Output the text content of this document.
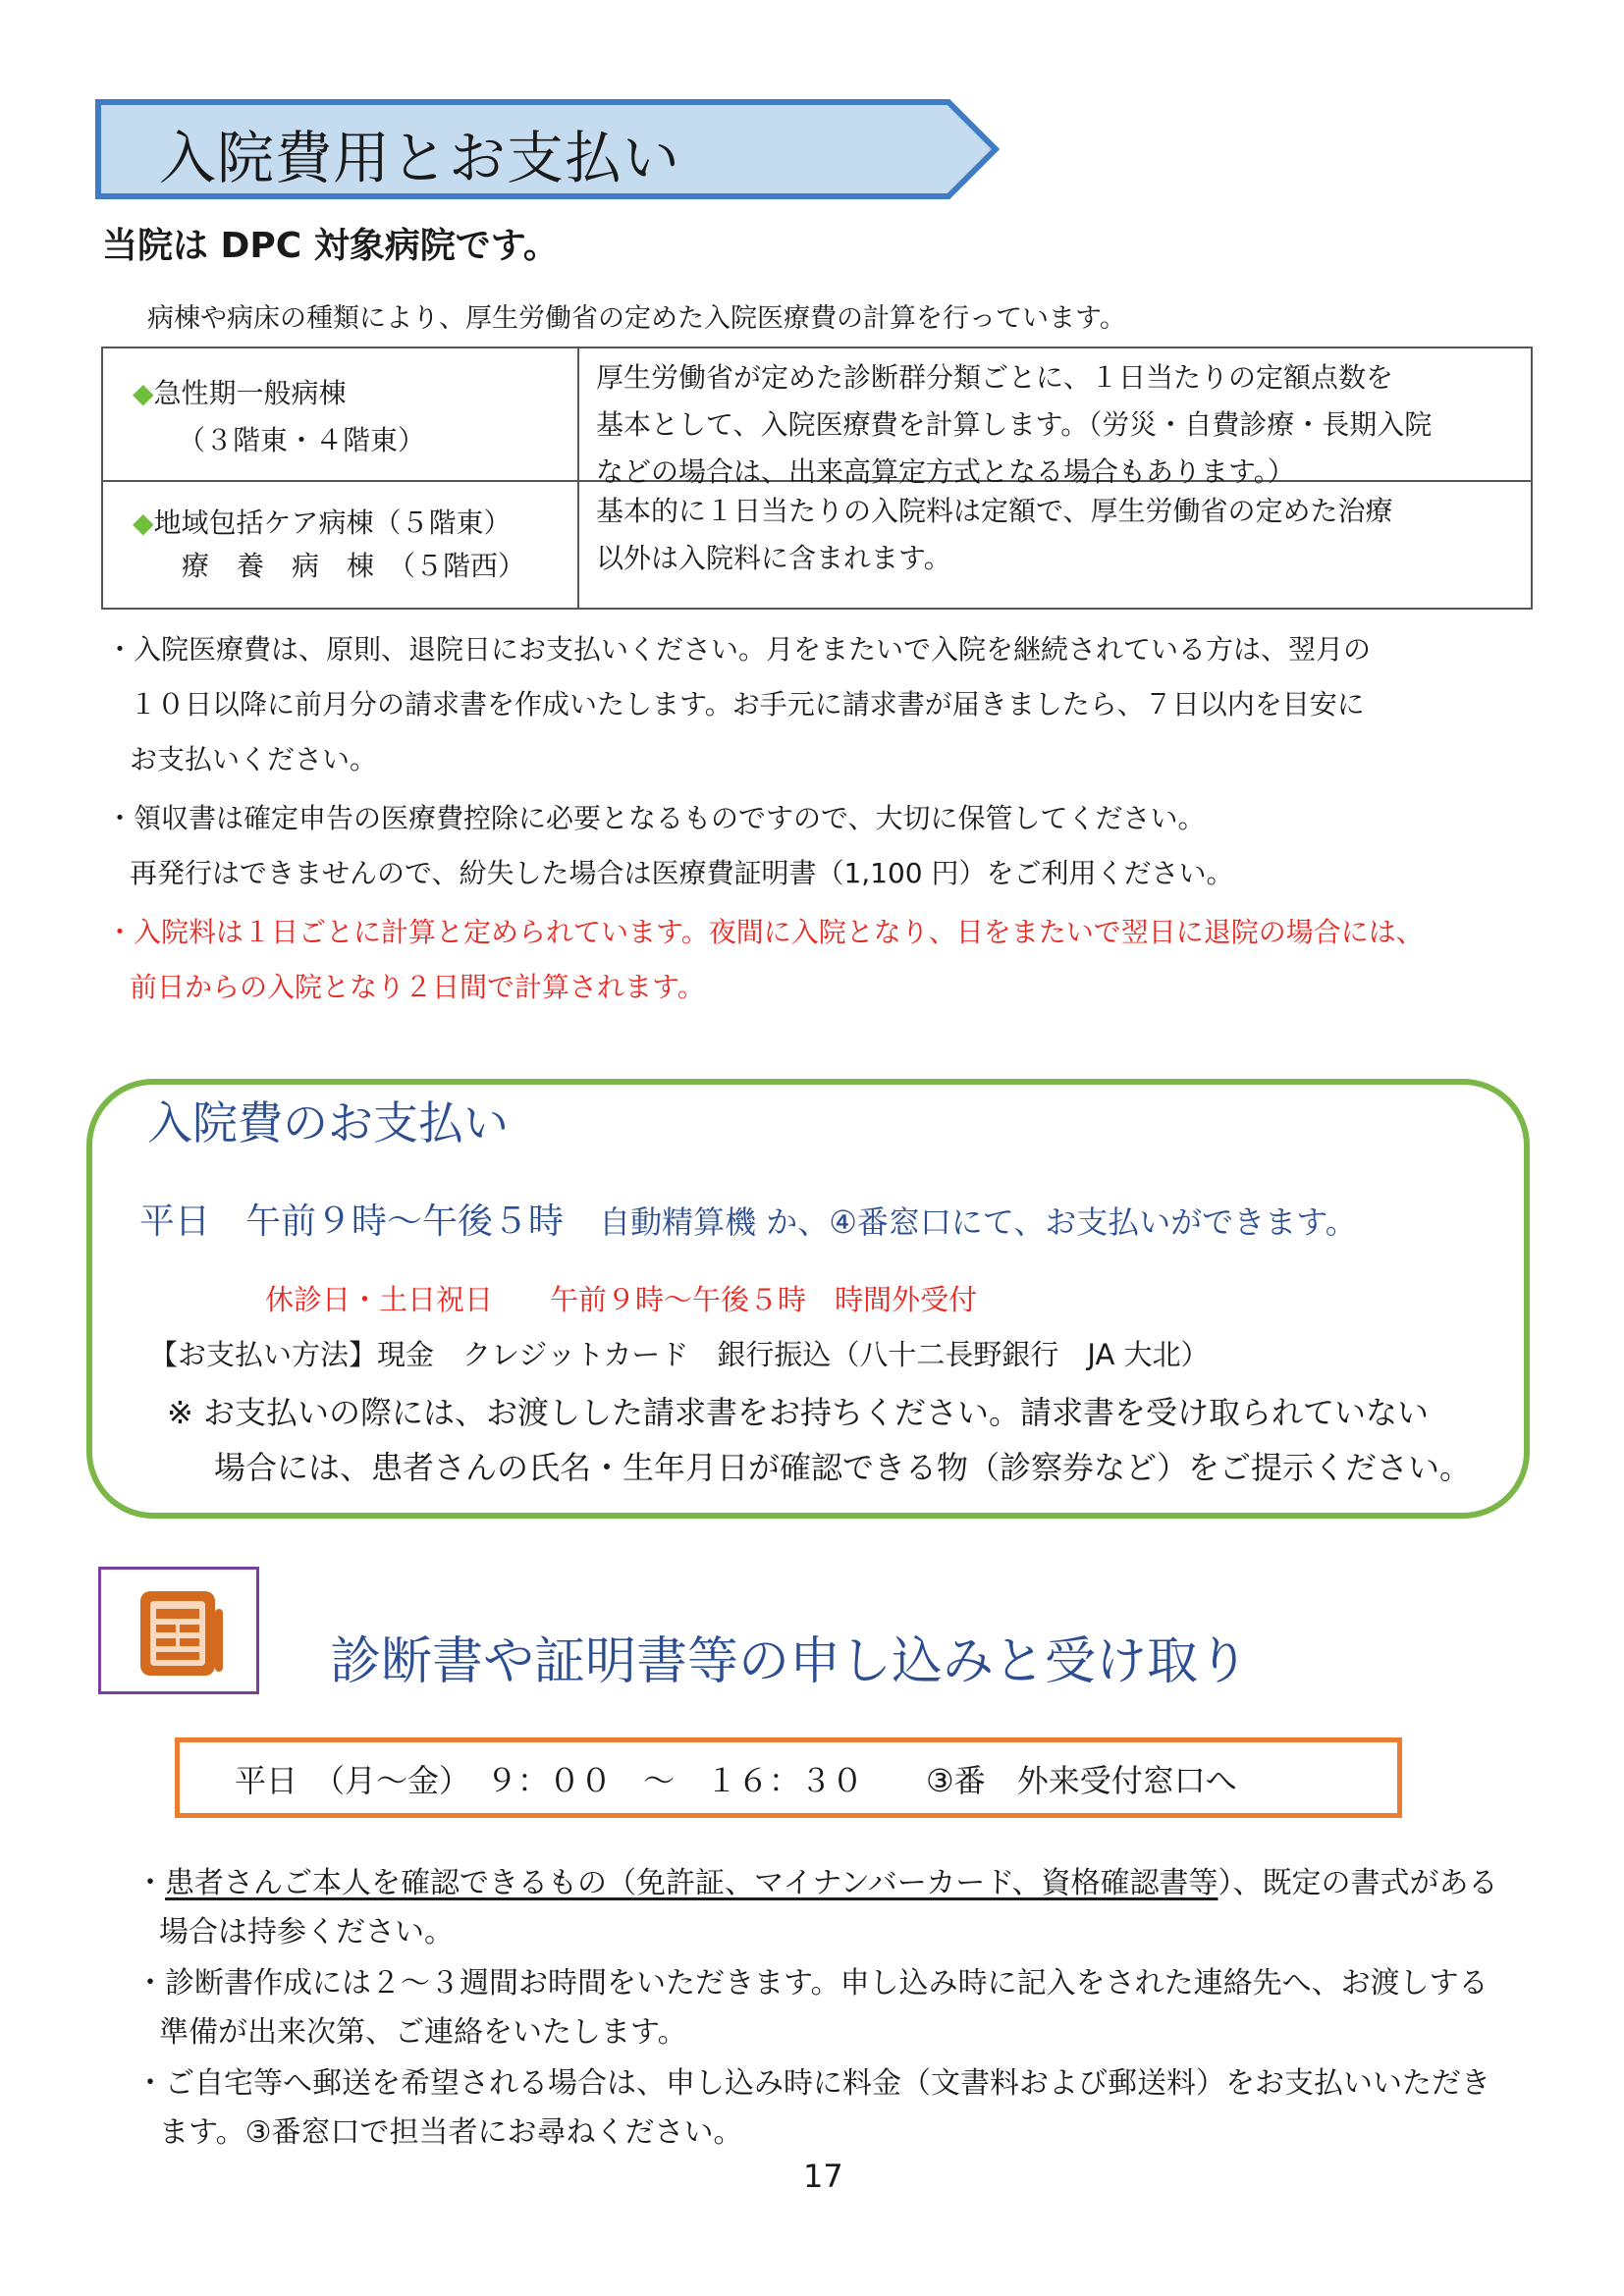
入院費用とお支払い
当院は DPC 対象病院です。
病棟や病床の種類により、厚生労働省の定めた入院医療費の計算を行っています。
◆急性期一般病棟
（３階東・４階東）
厚生労働省が定めた診断群分類ごとに、１日当たりの定額点数を
基本として、入院医療費を計算します。（労災・自費診療・長期入院
などの場合は、出来高算定方式となる場合もあります。）
◆地域包括ケア病棟（５階東）
療　養　病　棟　（５階西）
基本的に１日当たりの入院料は定額で、厚生労働省の定めた治療
以外は入院料に含まれます。
・入院医療費は、原則、退院日にお支払いください。月をまたいで入院を継続されている方は、翌月の
１０日以降に前月分の請求書を作成いたします。お手元に請求書が届きましたら、７日以内を目安に
お支払いください。
・領収書は確定申告の医療費控除に必要となるものですので、大切に保管してください。
再発行はできませんので、紛失した場合は医療費証明書（1,100 円）をご利用ください。
・入院料は１日ごとに計算と定められています。夜間に入院となり、日をまたいで翌日に退院の場合には、
前日からの入院となり２日間で計算されます。
入院費のお支払い
平日　 午前９時～午後５時　 自動精算機 か、④番窓口にて、お支払いができます。
休診日・土日祝日　　 午前９時～午後５時　 時間外受付
【お支払い方法】現金　クレジットカード　銀行振込（八十二長野銀行　JA 大北）
※ お支払いの際には、お渡しした請求書をお持ちください。請求書を受け取られていない
場合には、患者さんの氏名・生年月日が確認できる物（診察券など）をご提示ください。
診断書や証明書等の申し込みと受け取り
平日　（月～金）　９：００　～　１６：３０　　③番　外来受付窓口へ
・患者さんご本人を確認できるもの（免許証、マイナンバーカード、資格確認書等）、既定の書式がある
場合は持参ください。
・診断書作成には２～３週間お時間をいただきます。申し込み時に記入をされた連絡先へ、お渡しする
準備が出来次第、ご連絡をいたします。
・ご自宅等へ郵送を希望される場合は、申し込み時に料金（文書料および郵送料）をお支払いいただき
ます。③番窓口で担当者にお尋ねください。
17
